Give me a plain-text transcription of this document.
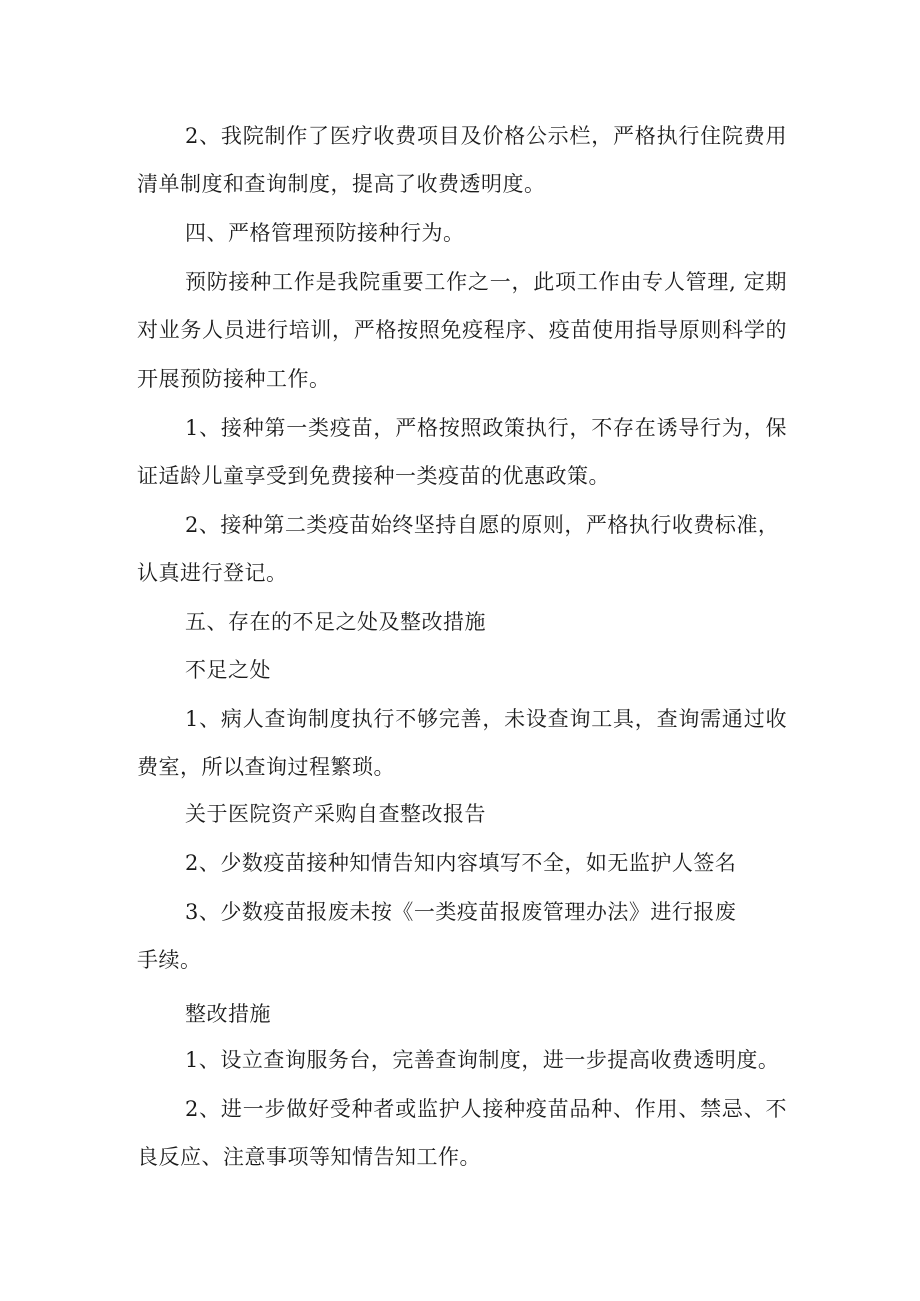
2、我院制作了医疗收费项目及价格公示栏，严格执行住院费用
清单制度和查询制度，提高了收费透明度。
四、严格管理预防接种行为。
预防接种工作是我院重要工作之一，此项工作由专人管理, 定期
对业务人员进行培训，严格按照免疫程序、疫苗使用指导原则科学的
开展预防接种工作。
1、接种第一类疫苗，严格按照政策执行，不存在诱导行为，保
证适龄儿童享受到免费接种一类疫苗的优惠政策。
2、接种第二类疫苗始终坚持自愿的原则，严格执行收费标准，
认真进行登记。
五、存在的不足之处及整改措施
不足之处
1、病人查询制度执行不够完善，未设查询工具，查询需通过收
费室，所以查询过程繁琐。
关于医院资产采购自查整改报告
2、少数疫苗接种知情告知内容填写不全，如无监护人签名
3、少数疫苗报废未按《一类疫苗报废管理办法》进行报废
手续。
整改措施
1、设立查询服务台，完善查询制度，进一步提高收费透明度。
2、进一步做好受种者或监护人接种疫苗品种、作用、禁忌、不
良反应、注意事项等知情告知工作。
